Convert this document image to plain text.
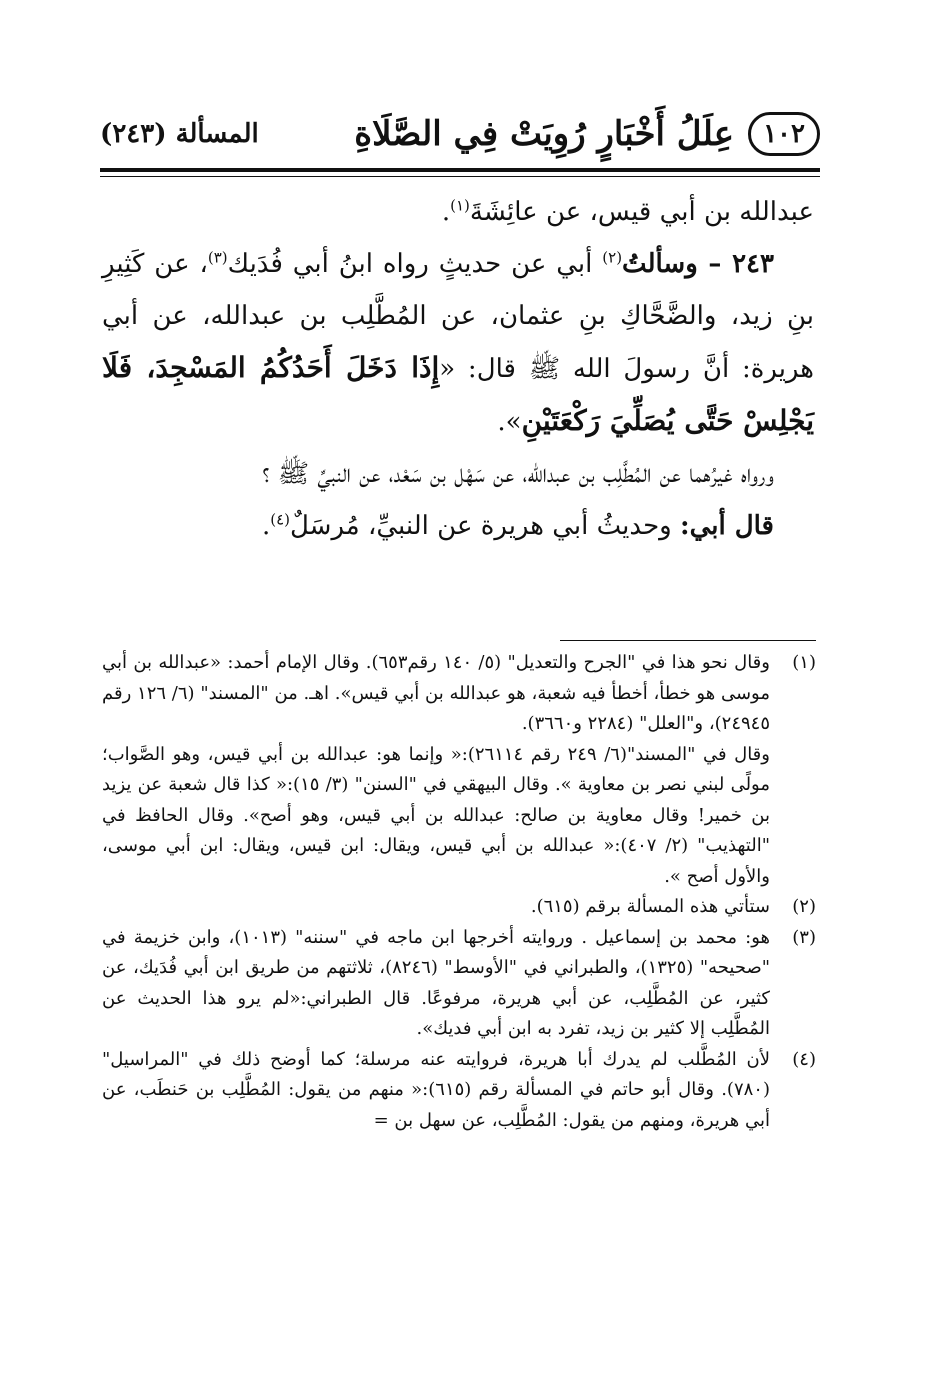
١٠٢
عِلَلُ أَخْبَارٍ رُوِيَتْ فِي الصَّلَاةِ
المسألة (٢٤٣)

عبدالله بن أبي قيس، عن عائِشَةَ$^{(١)}$.

٢٤٣ – وسألتُ$^{(٢)}$ أبي عن حديثٍ رواه ابنُ أبي فُدَيك$^{(٣)}$، عن كَثِيرِ بنِ زيد، والضَّحَّاكِ بنِ عثمان، عن المُطَّلِب بن عبدالله، عن أبي هريرة: أنَّ رسولَ الله ﷺ قال: «إِذَا دَخَلَ أَحَدُكُمُ المَسْجِدَ، فَلَا يَجْلِسْ حَتَّى يُصَلِّيَ رَكْعَتَيْنِ».

ورواه غيرُهما عن المُطَّلِب بن عبدالله، عن سَهْل بن سَعْد، عن النبيِّ ﷺ ؟

قال أبي: وحديثُ أبي هريرة عن النبيِّ، مُرسَلٌ$^{(٤)}$.

(١)
وقال نحو هذا في "الجرح والتعديل" (٥/ ١٤٠ رقم٦٥٣). وقال الإمام أحمد: «عبدالله بن أبي موسى هو خطأ، أخطأ فيه شعبة، هو عبدالله بن أبي قيس». اهـ. من "المسند" (٦/ ١٢٦ رقم ٢٤٩٤٥)، و"العلل" (٢٢٨٤ و٣٦٦٠).

وقال في "المسند"(٦/ ٢٤٩ رقم ٢٦١١٤):« وإنما هو: عبدالله بن أبي قيس، وهو الصَّواب؛ مولًى لبني نصر بن معاوية ». وقال البيهقي في "السنن" (٣/ ١٥):« كذا قال شعبة عن يزيد بن خمير! وقال معاوية بن صالح: عبدالله بن أبي قيس، وهو أصح». وقال الحافظ في "التهذيب" (٢/ ٤٠٧):« عبدالله بن أبي قيس، ويقال: ابن قيس، ويقال: ابن أبي موسى، والأول أصح ».

(٢)
ستأتي هذه المسألة برقم (٦١٥).

(٣)
هو: محمد بن إسماعيل . وروايته أخرجها ابن ماجه في "سننه" (١٠١٣)، وابن خزيمة في "صحيحه" (١٣٢٥)، والطبراني في "الأوسط" (٨٢٤٦)، ثلاثتهم من طريق ابن أبي فُدَيك، عن كثير، عن المُطَّلِب، عن أبي هريرة، مرفوعًا. قال الطبراني:«لم يرو هذا الحديث عن المُطَّلِب إلا كثير بن زيد، تفرد به ابن أبي فديك».

(٤)
لأن المُطَّلب لم يدرك أبا هريرة، فروايته عنه مرسلة؛ كما أوضح ذلك في "المراسيل" (٧٨٠). وقال أبو حاتم في المسألة رقم (٦١٥):« منهم من يقول: المُطَّلِب بن حَنطَب، عن أبي هريرة، ومنهم من يقول: المُطَّلِب، عن سهل بن =
